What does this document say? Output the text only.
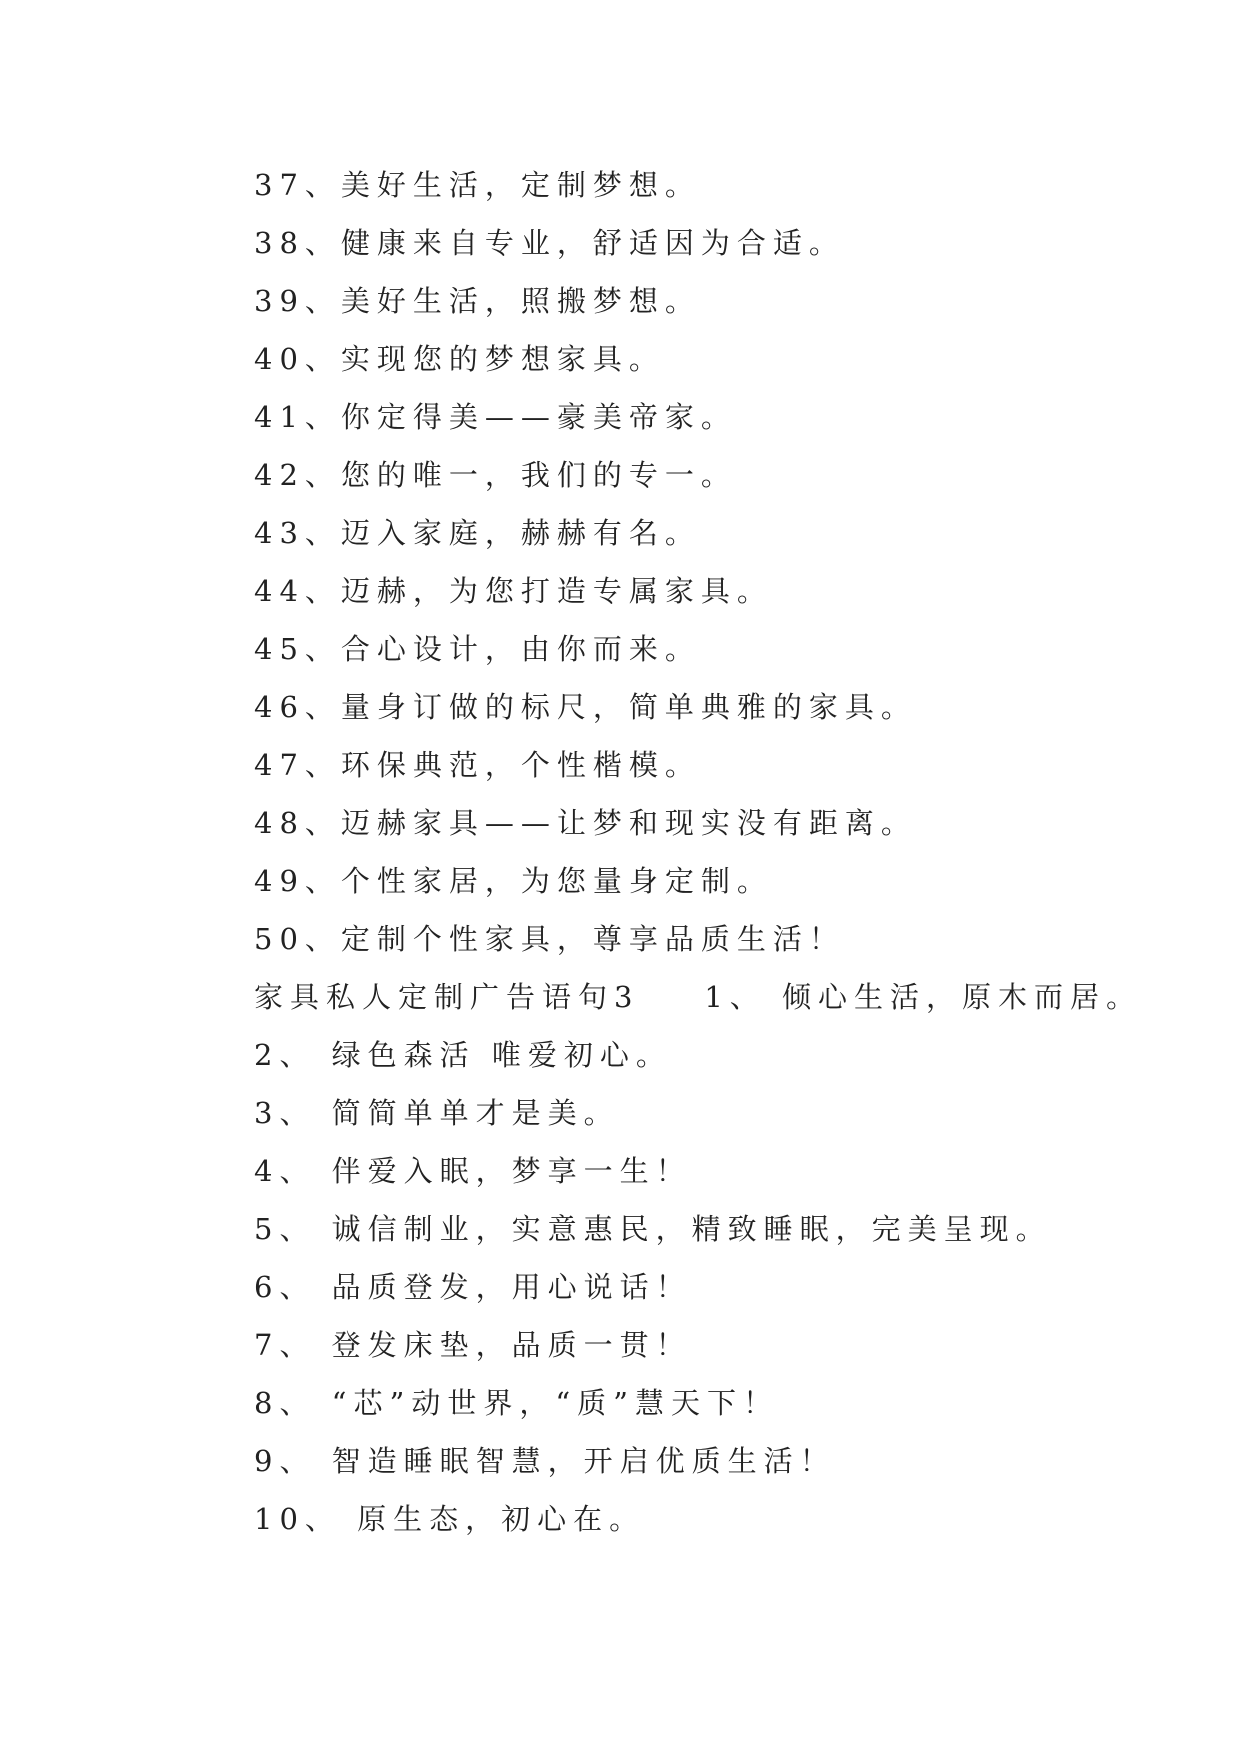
37、美好生活，定制梦想。
38、健康来自专业，舒适因为合适。
39、美好生活，照搬梦想。
40、实现您的梦想家具。
41、你定得美——豪美帝家。
42、您的唯一，我们的专一。
43、迈入家庭，赫赫有名。
44、迈赫，为您打造专属家具。
45、合心设计，由你而来。
46、量身订做的标尺，简单典雅的家具。
47、环保典范，个性楷模。
48、迈赫家具——让梦和现实没有距离。
49、个性家居，为您量身定制。
50、定制个性家具，尊享品质生活！
家具私人定制广告语句3    1、 倾心生活，原木而居。
2、 绿色森活 唯爱初心。
3、 简简单单才是美。
4、 伴爱入眠，梦享一生！
5、 诚信制业，实意惠民，精致睡眠，完美呈现。
6、 品质登发，用心说话！
7、 登发床垫，品质一贯！
8、 “芯”动世界，“质”慧天下！
9、 智造睡眠智慧，开启优质生活！
10、 原生态，初心在。
